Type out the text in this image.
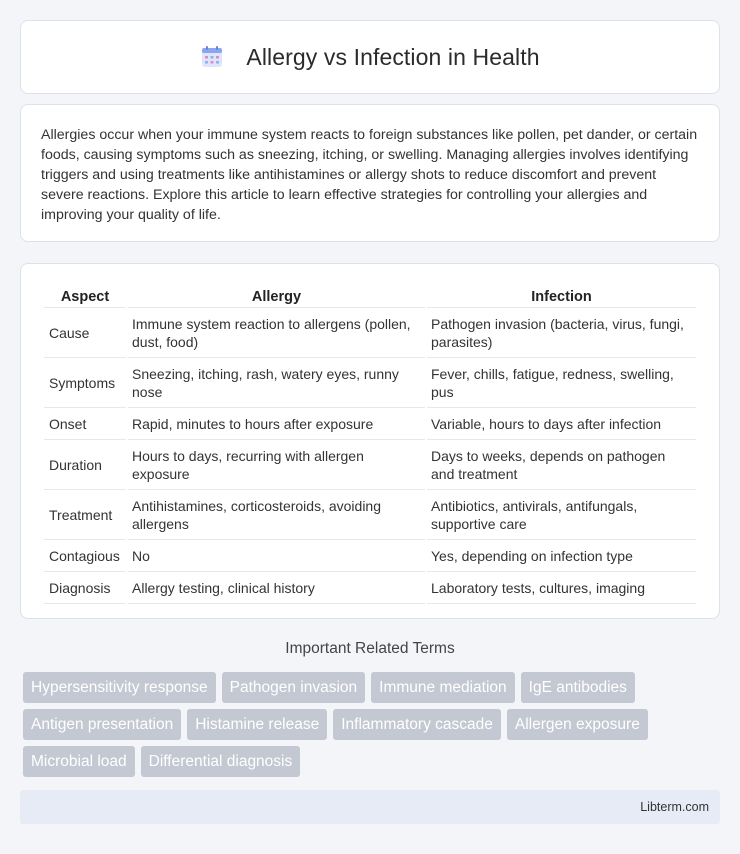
Allergy vs Infection in Health

Allergies occur when your immune system reacts to foreign substances like pollen, pet dander, or certain foods, causing symptoms such as sneezing, itching, or swelling. Managing allergies involves identifying triggers and using treatments like antihistamines or allergy shots to reduce discomfort and prevent severe reactions. Explore this article to learn effective strategies for controlling your allergies and improving your quality of life.

Aspect	Allergy	Infection
Cause	Immune system reaction to allergens (pollen, dust, food)	Pathogen invasion (bacteria, virus, fungi, parasites)
Symptoms	Sneezing, itching, rash, watery eyes, runny nose	Fever, chills, fatigue, redness, swelling, pus
Onset	Rapid, minutes to hours after exposure	Variable, hours to days after infection
Duration	Hours to days, recurring with allergen exposure	Days to weeks, depends on pathogen and treatment
Treatment	Antihistamines, corticosteroids, avoiding allergens	Antibiotics, antivirals, antifungals, supportive care
Contagious	No	Yes, depending on infection type
Diagnosis	Allergy testing, clinical history	Laboratory tests, cultures, imaging
Important Related Terms
Hypersensitivity response	Pathogen invasion	Immune mediation	IgE antibodies
Antigen presentation	Histamine release	Inflammatory cascade	Allergen exposure
Microbial load	Differential diagnosis
Libterm.com
